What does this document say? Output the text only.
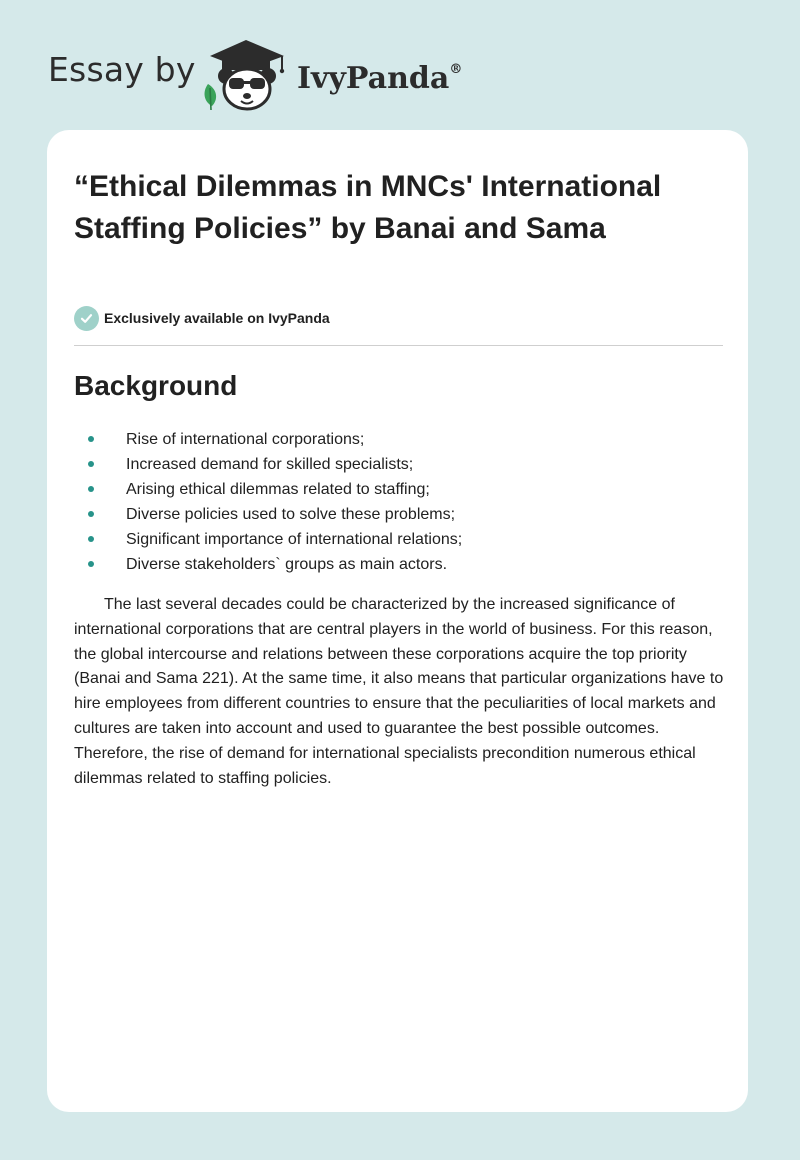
Essay by	IvyPanda®
“Ethical Dilemmas in MNCs' International Staffing Policies” by Banai and Sama
Exclusively available on IvyPanda
Background
Rise of international corporations;
Increased demand for skilled specialists;
Arising ethical dilemmas related to staffing;
Diverse policies used to solve these problems;
Significant importance of international relations;
Diverse stakeholders` groups as main actors.

The last several decades could be characterized by the increased significance of international corporations that are central players in the world of business. For this reason, the global intercourse and relations between these corporations acquire the top priority (Banai and Sama 221). At the same time, it also means that particular organizations have to hire employees from different countries to ensure that the peculiarities of local markets and cultures are taken into account and used to guarantee the best possible outcomes. Therefore, the rise of demand for international specialists precondition numerous ethical dilemmas related to staffing policies.
